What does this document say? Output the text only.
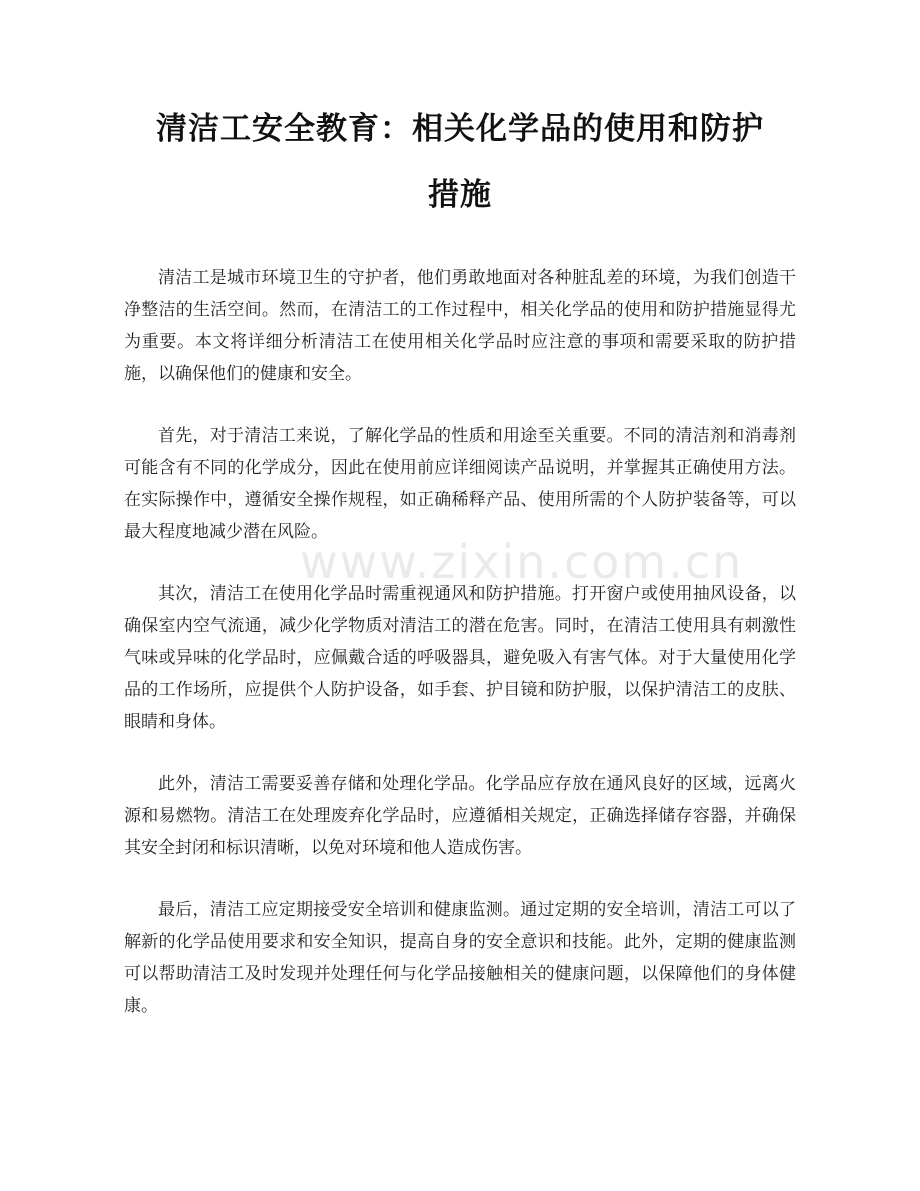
清洁工安全教育：相关化学品的使用和防护
措施

清洁工是城市环境卫生的守护者，他们勇敢地面对各种脏乱差的环境，为我们创造干净整洁的生活空间。然而，在清洁工的工作过程中，相关化学品的使用和防护措施显得尤为重要。本文将详细分析清洁工在使用相关化学品时应注意的事项和需要采取的防护措施，以确保他们的健康和安全。

首先，对于清洁工来说，了解化学品的性质和用途至关重要。不同的清洁剂和消毒剂可能含有不同的化学成分，因此在使用前应详细阅读产品说明，并掌握其正确使用方法。在实际操作中，遵循安全操作规程，如正确稀释产品、使用所需的个人防护装备等，可以最大程度地减少潜在风险。

其次，清洁工在使用化学品时需重视通风和防护措施。打开窗户或使用抽风设备，以确保室内空气流通，减少化学物质对清洁工的潜在危害。同时，在清洁工使用具有刺激性气味或异味的化学品时，应佩戴合适的呼吸器具，避免吸入有害气体。对于大量使用化学品的工作场所，应提供个人防护设备，如手套、护目镜和防护服，以保护清洁工的皮肤、眼睛和身体。

此外，清洁工需要妥善存储和处理化学品。化学品应存放在通风良好的区域，远离火源和易燃物。清洁工在处理废弃化学品时，应遵循相关规定，正确选择储存容器，并确保其安全封闭和标识清晰，以免对环境和他人造成伤害。

最后，清洁工应定期接受安全培训和健康监测。通过定期的安全培训，清洁工可以了解新的化学品使用要求和安全知识，提高自身的安全意识和技能。此外，定期的健康监测可以帮助清洁工及时发现并处理任何与化学品接触相关的健康问题，以保障他们的身体健康。

www.zixin.com.cn
